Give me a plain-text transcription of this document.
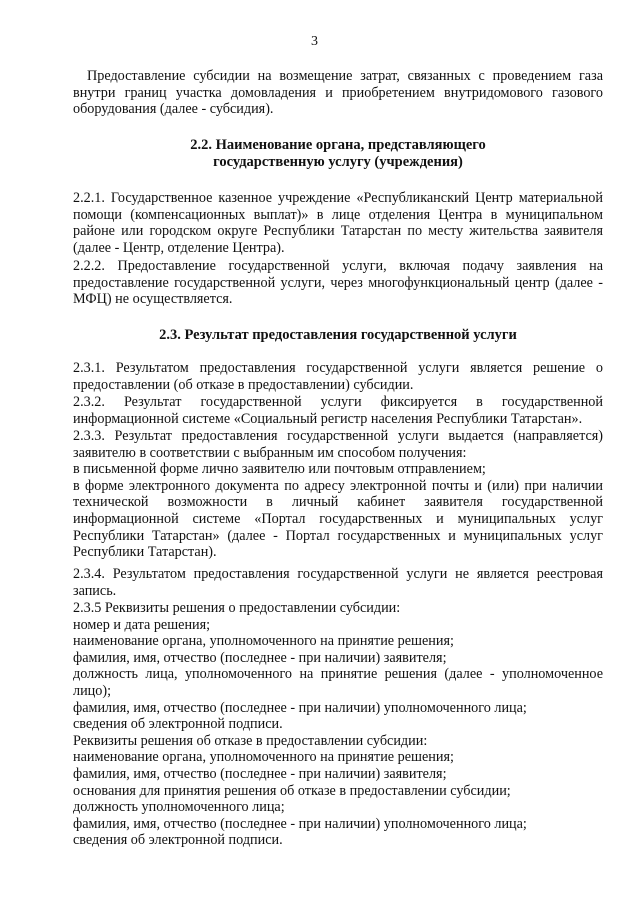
3

Предоставление субсидии на возмещение затрат, связанных с проведением газа внутри границ участка домовладения и приобретением внутридомового газового оборудования (далее - субсидия).

2.2. Наименование органа, представляющего

государственную услугу (учреждения)

2.2.1. Государственное казенное учреждение «Республиканский Центр материальной помощи (компенсационных выплат)» в лице отделения Центра в муниципальном районе или городском округе Республики Татарстан по месту жительства заявителя (далее - Центр, отделение Центра).

2.2.2. Предоставление государственной услуги, включая подачу заявления на предоставление государственной услуги, через многофункциональный центр (далее - МФЦ) не осуществляется.

2.3. Результат предоставления государственной услуги

2.3.1. Результатом предоставления государственной услуги является решение о предоставлении (об отказе в предоставлении) субсидии.

2.3.2. Результат государственной услуги фиксируется в государственной информационной системе «Социальный регистр населения Республики Татарстан».

2.3.3. Результат предоставления государственной услуги выдается (направляется) заявителю в соответствии с выбранным им способом получения:

в письменной форме лично заявителю или почтовым отправлением;

в форме электронного документа по адресу электронной почты и (или) при наличии технической возможности в личный кабинет заявителя государственной информационной системе «Портал государственных и муниципальных услуг Республики Татарстан» (далее - Портал государственных и муниципальных услуг Республики Татарстан).

2.3.4. Результатом предоставления государственной услуги не является реестровая запись.

2.3.5 Реквизиты решения о предоставлении субсидии:

номер и дата решения;

наименование органа, уполномоченного на принятие решения;

фамилия, имя, отчество (последнее - при наличии) заявителя;

должность лица, уполномоченного на принятие решения (далее - уполномоченное лицо);

фамилия, имя, отчество (последнее - при наличии) уполномоченного лица;

сведения об электронной подписи.

Реквизиты решения об отказе в предоставлении субсидии:

наименование органа, уполномоченного на принятие решения;

фамилия, имя, отчество (последнее - при наличии) заявителя;

основания для принятия решения об отказе в предоставлении субсидии;

должность уполномоченного лица;

фамилия, имя, отчество (последнее - при наличии) уполномоченного лица;

сведения об электронной подписи.
